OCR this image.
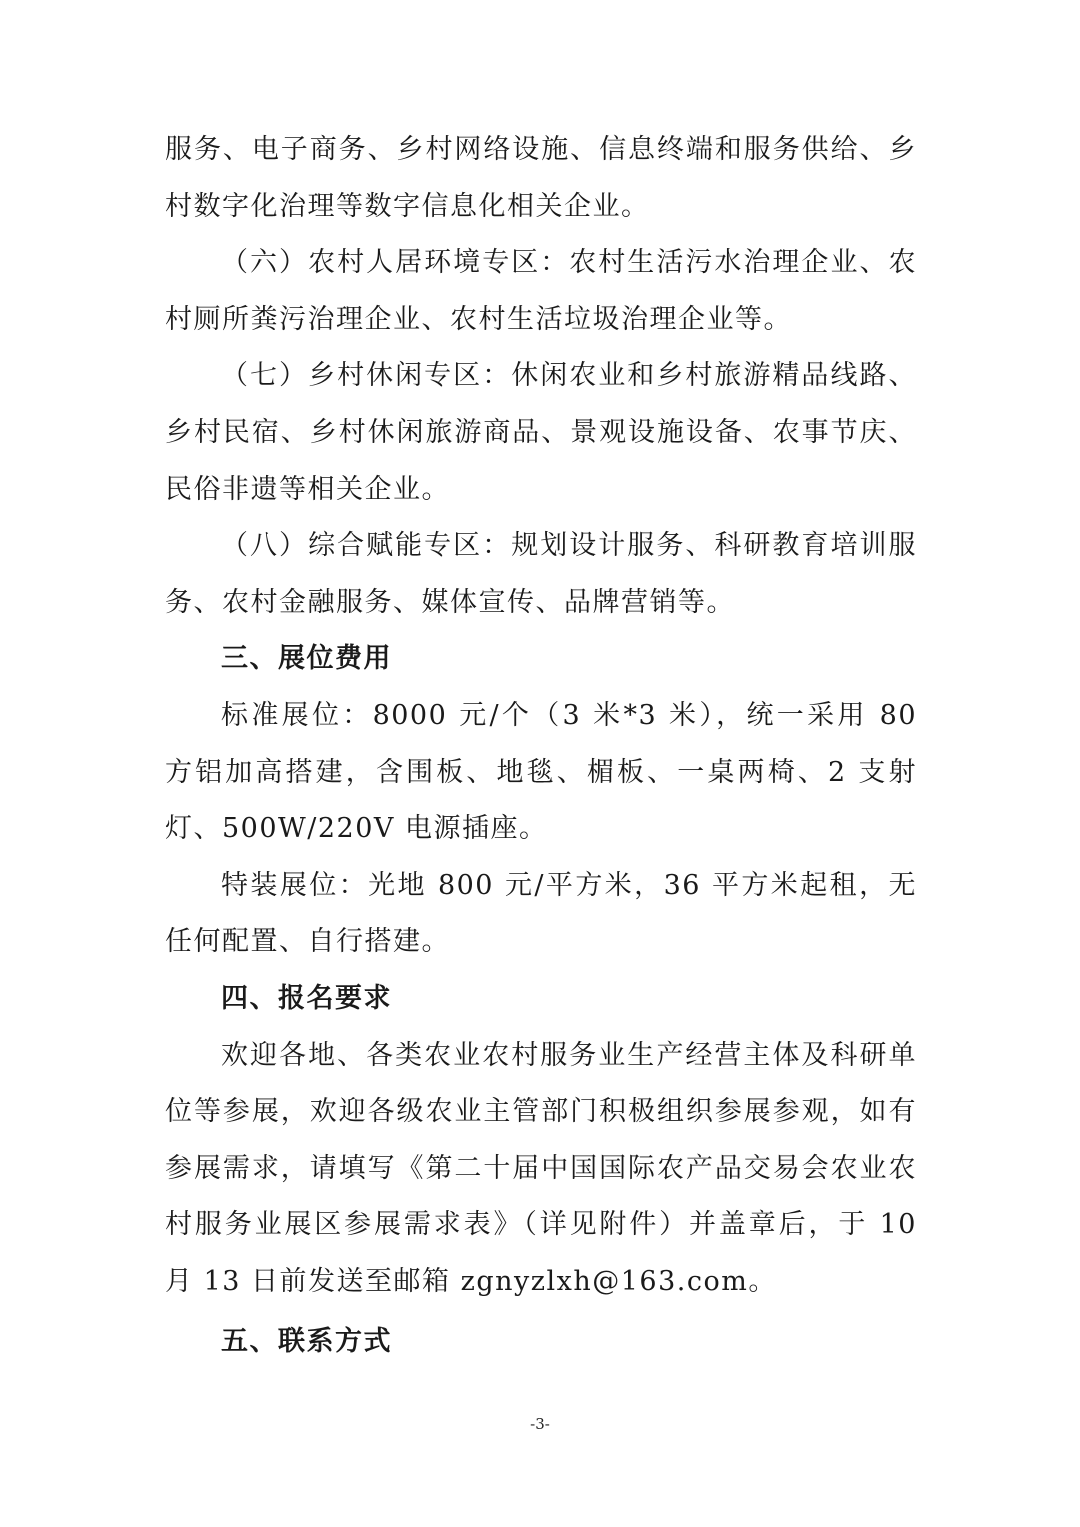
服务、电子商务、乡村网络设施、信息终端和服务供给、乡村数字化治理等数字信息化相关企业。

（六）农村人居环境专区：农村生活污水治理企业、农村厕所粪污治理企业、农村生活垃圾治理企业等。

（七）乡村休闲专区：休闲农业和乡村旅游精品线路、乡村民宿、乡村休闲旅游商品、景观设施设备、农事节庆、民俗非遗等相关企业。

（八）综合赋能专区：规划设计服务、科研教育培训服务、农村金融服务、媒体宣传、品牌营销等。

三、展位费用

标准展位：8000 元/个（3 米*3 米），统一采用 80 方铝加高搭建，含围板、地毯、楣板、一桌两椅、2 支射灯、500W/220V 电源插座。

特装展位：光地 800 元/平方米，36 平方米起租，无任何配置、自行搭建。

四、报名要求

欢迎各地、各类农业农村服务业生产经营主体及科研单位等参展，欢迎各级农业主管部门积极组织参展参观，如有参展需求，请填写《第二十届中国国际农产品交易会农业农村服务业展区参展需求表》（详见附件）并盖章后，于 10 月 13 日前发送至邮箱 zgnyzlxh@163.com。

五、联系方式

-3-
